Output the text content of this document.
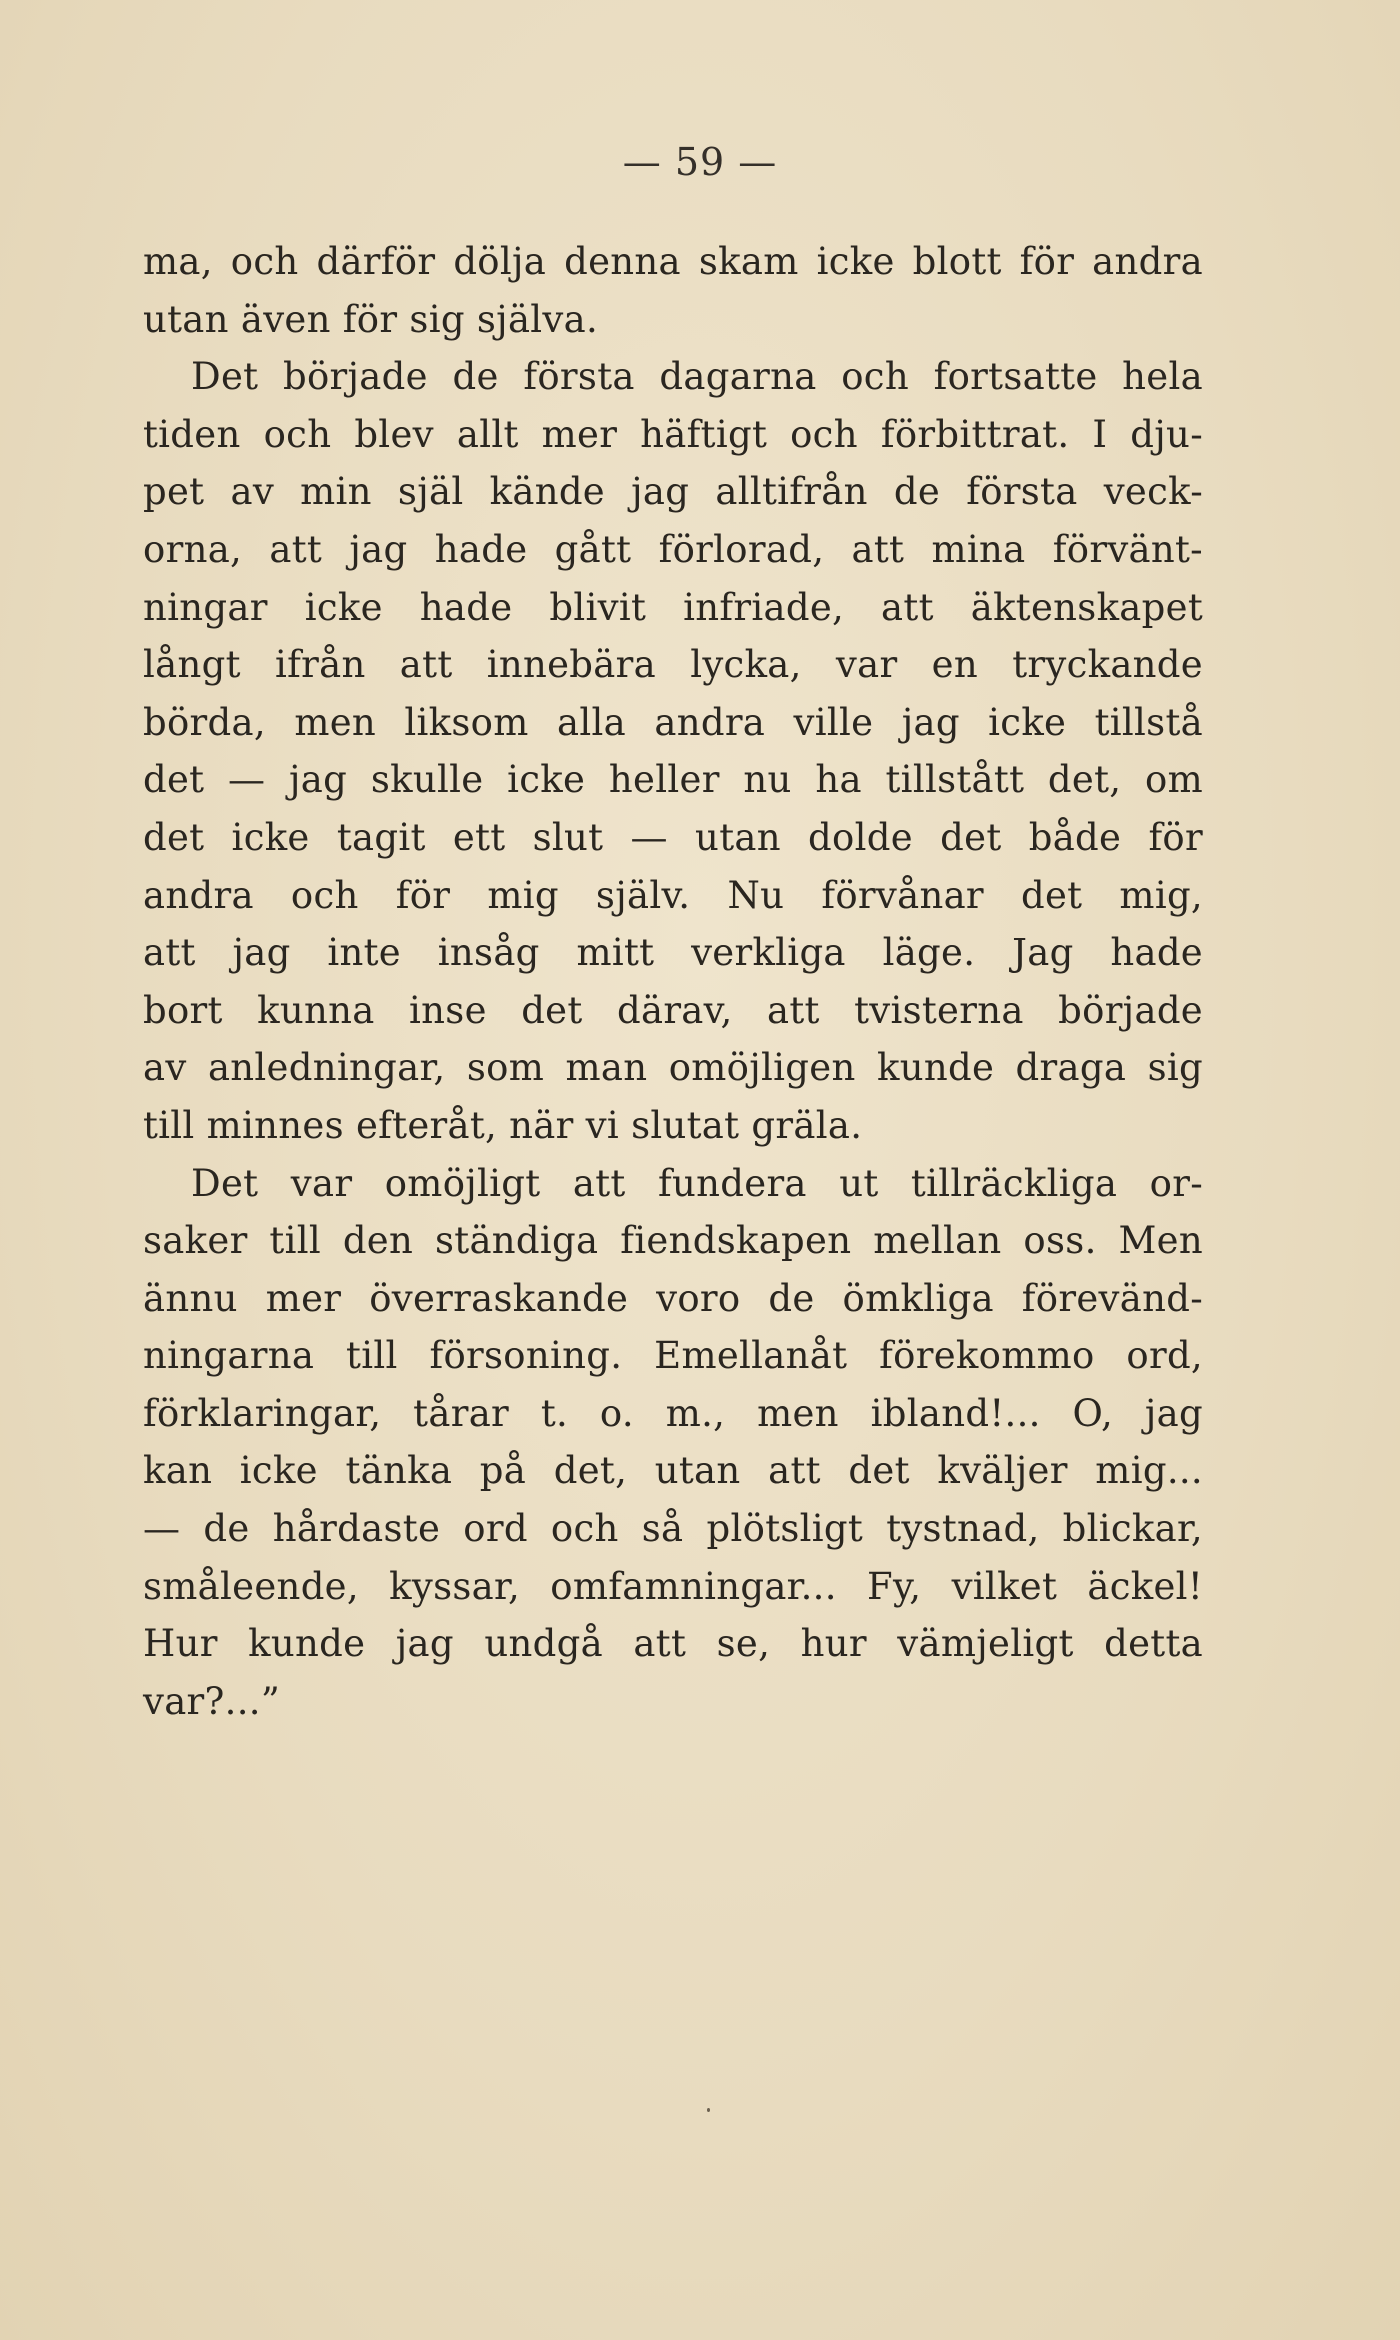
— 59 —
ma, och därför dölja denna skam icke blott för andra
utan även för sig själva.
Det började de första dagarna och fortsatte hela
tiden och blev allt mer häftigt och förbittrat. I dju-
pet av min själ kände jag alltifrån de första veck-
orna, att jag hade gått förlorad, att mina förvänt-
ningar icke hade blivit infriade, att äktenskapet
långt ifrån att innebära lycka, var en tryckande
börda, men liksom alla andra ville jag icke tillstå
det — jag skulle icke heller nu ha tillstått det, om
det icke tagit ett slut — utan dolde det både för
andra och för mig själv. Nu förvånar det mig,
att jag inte insåg mitt verkliga läge. Jag hade
bort kunna inse det därav, att tvisterna började
av anledningar, som man omöjligen kunde draga sig
till minnes efteråt, när vi slutat gräla.
Det var omöjligt att fundera ut tillräckliga or-
saker till den ständiga fiendskapen mellan oss. Men
ännu mer överraskande voro de ömkliga förevänd-
ningarna till försoning. Emellanåt förekommo ord,
förklaringar, tårar t. o. m., men ibland!... O, jag
kan icke tänka på det, utan att det kväljer mig...
— de hårdaste ord och så plötsligt tystnad, blickar,
småleende, kyssar, omfamningar... Fy, vilket äckel!
Hur kunde jag undgå att se, hur vämjeligt detta
var?...”
